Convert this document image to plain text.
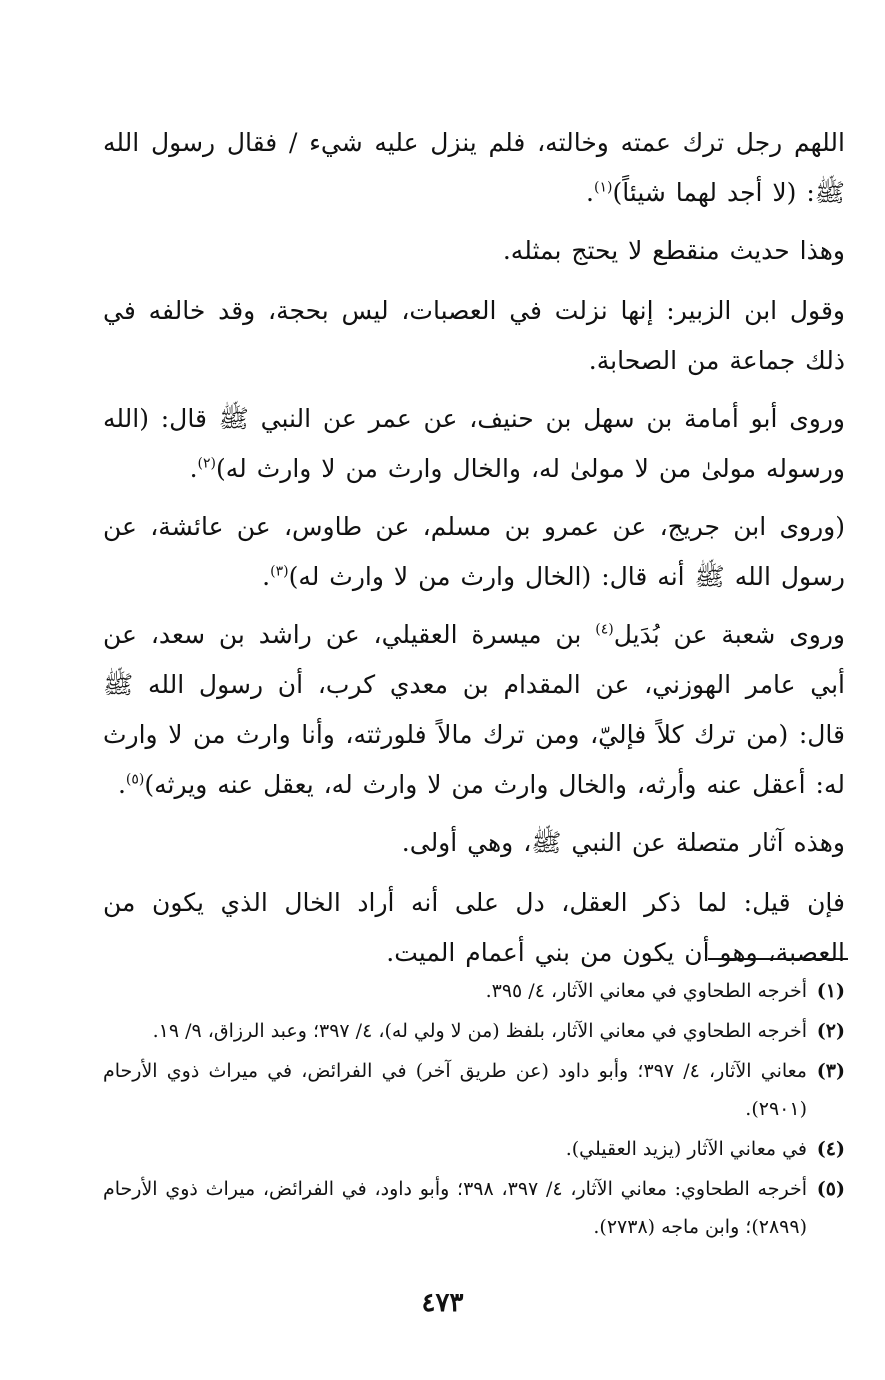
اللهم رجل ترك عمته وخالته، فلم ينزل عليه شيء / فقال رسول الله ﷺ: (لا أجد لهما شيئاً)$^{(١)}$.

وهذا حديث منقطع لا يحتج بمثله.

وقول ابن الزبير: إنها نزلت في العصبات، ليس بحجة، وقد خالفه في ذلك جماعة من الصحابة.

وروى أبو أمامة بن سهل بن حنيف، عن عمر عن النبي ﷺ قال: (الله ورسوله مولىٰ من لا مولىٰ له، والخال وارث من لا وارث له)$^{(٢)}$.

(وروى ابن جريج، عن عمرو بن مسلم، عن طاوس، عن عائشة، عن رسول الله ﷺ أنه قال: (الخال وارث من لا وارث له)$^{(٣)}$.

وروى شعبة عن بُدَيل$^{(٤)}$ بن ميسرة العقيلي، عن راشد بن سعد، عن أبي عامر الهوزني، عن المقدام بن معدي كرب، أن رسول الله ﷺ قال: (من ترك كلاً فإليّ، ومن ترك مالاً فلورثته، وأنا وارث من لا وارث له: أعقل عنه وأرثه، والخال وارث من لا وارث له، يعقل عنه ويرثه)$^{(٥)}$.

وهذه آثار متصلة عن النبي ﷺ، وهي أولى.

فإن قيل: لما ذكر العقل، دل على أنه أراد الخال الذي يكون من العصبة، وهو أن يكون من بني أعمام الميت.

(١)
أخرجه الطحاوي في معاني الآثار، ٤/ ٣٩٥.
(٢)
أخرجه الطحاوي في معاني الآثار، بلفظ (من لا ولي له)، ٤/ ٣٩٧؛ وعبد الرزاق، ٩/ ١٩.
(٣)
معاني الآثار، ٤/ ٣٩٧؛ وأبو داود (عن طريق آخر) في الفرائض، في ميراث ذوي الأرحام (٢٩٠١).
(٤)
في معاني الآثار (يزيد العقيلي).
(٥)
أخرجه الطحاوي: معاني الآثار، ٤/ ٣٩٧، ٣٩٨؛ وأبو داود، في الفرائض، ميراث ذوي الأرحام (٢٨٩٩)؛ وابن ماجه (٢٧٣٨).
٤٧٣
